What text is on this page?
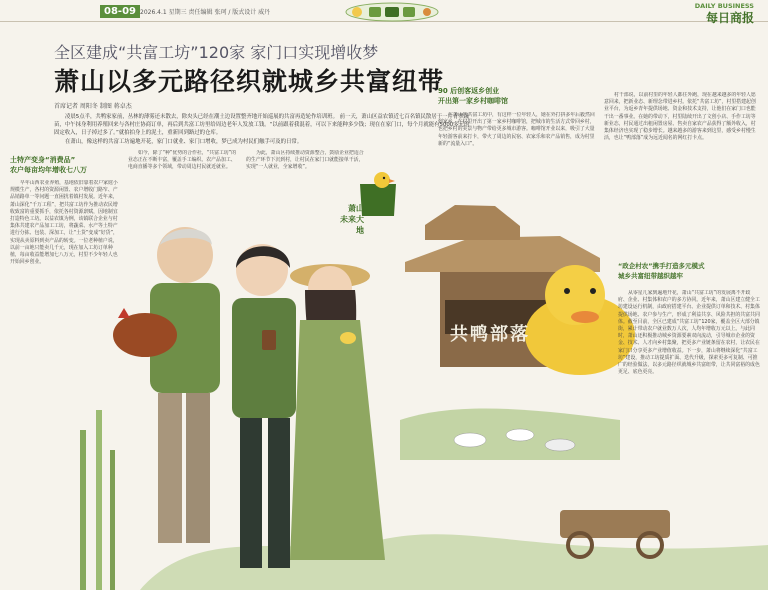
08-09 2026.4.1 星期三 责任编辑 张珂 / 版式设计 威丹
DAILY BUSINESS
每日商报
萧山
未来大地
共鸭部落
全区建成“共富工坊”120家 家门口实现增收梦
萧山以多元路径织就城乡共富纽带
首席记者 周阳冬 制图 蒋卓杰

凌晨5点半，共鸭家家前，丛林的薄雾还未散去，除央头已经在潮土边设置整齐地开始巡展的共富再造轮作培训班。 前一天，萧山区益农镇近七百名镇民散居于一片青翠蔬苗，中午抹身利用养殖回来与各村庄协商订单，再后到共富工坊里给周边老年人发放工钱。“以前跟着我混着，可以下来能种多少钱；现在在家门口，每个月就能有5000多元的固定收入，日子掉过多了。”就拍拍身上的泥土，重新回到路过的仓库。

在萧山，像这样的共富工坊遍地开花，家门口就业、家门口增收，梦已成为村民们触手可及的日常。

土特产变身“消费品”
农户每亩均年增收七八万
早年山西农业养殖，基地依旧靠着农户家庭小规模生产，各村的资源闲置、农户增收门路窄、产品销路单一等问题一直困扰着镇村发展。近年来，萧山深化“千万工程”，把共富工坊作为推动农民增收致富的重要抓手，依托各村资源禀赋，因地制宜打造特色工坊。以益农镇为例，该镇联合企业与村集体共建农产品加工工坊，将蔬菜、水产等土特产进行分拣、包装、深加工，让“土货”变成“好货”，实现从卖原料到卖产品的转变。一位老种植户说，以前一亩地只能卖几千元，现在加入工坊订单种植，每亩收益能增加七八万元，村里不少年轻人也开始回乡创业。
如今，除了“种”优势的合作社，“共富工坊”的业态正在不断丰富，覆盖手工编织、农产品加工、电商直播等多个领域，带动周边村民就近就业。
为此，萧山区持续推动资源整合，鼓励企业把适合的生产环节下沉到村，让村民在家门口就能接单干活，实现“一人就业，全家增收”。
90 后创客返乡创业
开出第一家乡村咖啡馆
在萧山的共富工坊中，有这样一位年轻人，她在外打拼多年后毅然回到家乡，在村里开出了第一家乡村咖啡馆，把城市的生活方式带回乡村，也把乡村的美景与物产带给更多城市游客。咖啡馆开业以来，吸引了大量年轻游客前来打卡，带火了周边的民宿、农家乐和农产品销售，成为村里新的“流量入口”。
村干部说，以前村里的年轻人都往外跑，现在越来越多的年轻人愿意回来，把新业态、新理念带进乡村。依托“共富工坊”，村里搭建起创业平台，为返乡青年提供场地、资金和技术支持，让他们在家门口也能干出一番事业。在她的带动下，村里陆续开出了文创小店、手作工坊等新业态，村民通过出租闲置房屋、售卖自家农产品获得了额外收入，村集体经济也实现了稳步增长。越来越多的游客来到这里，感受乡村慢生活，也让“鸭部落”成为远近闻名的网红打卡点。
“政企村农”携手打造多元模式
城乡共富纽带越织越牢
从零星几家到遍地开花，萧山“共富工坊”的发展离不开政府、企业、村集体和农户的多方协同。近年来，萧山区建立健全工坊建设运行机制，由政府搭建平台、企业提供订单和技术、村集体提供场地、农户参与生产，形成了利益共享、风险共担的共富共同体。截至目前，全区已建成“共富工坊”120家，覆盖全区大部分镇街，累计带动农户就业数万人次，人均年增收万元以上。与此同时，萧山还积极推动城乡资源要素双向流动，引导城市企业的资金、技术、人才向乡村集聚，把更多产业链条留在农村，让农民在家门口分享更多产业增值收益。下一步，萧山将继续深化“共富工坊”建设，推动工坊提质扩面、迭代升级，探索更多可复制、可推广的经验做法，以多元路径织就城乡共富纽带，让共同富裕的成色更足、底色更亮。
